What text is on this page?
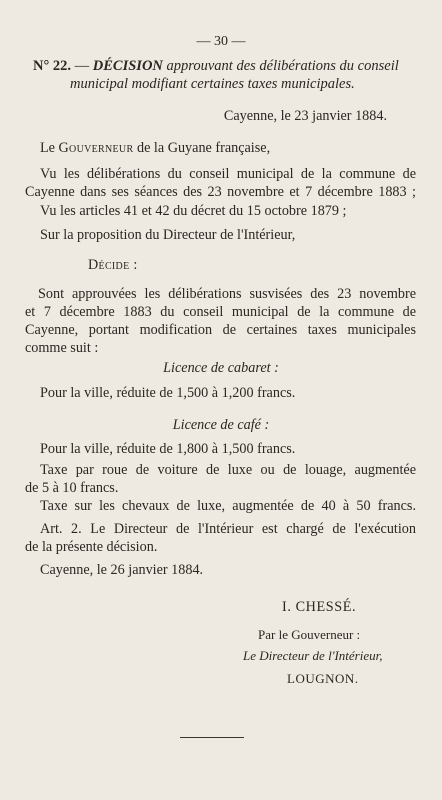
— 30 —
N° 22. — DÉCISION approuvant des délibérations du conseil
municipal modifiant certaines taxes municipales.
Cayenne, le 23 janvier 1884.
Le Gouverneur de la Guyane française,
Vu les délibérations du conseil municipal de la commune de
Cayenne dans ses séances des 23 novembre et 7 décembre 1883 ;
Vu les articles 41 et 42 du décret du 15 octobre 1879 ;
Sur la proposition du Directeur de l'Intérieur,
Décide :
Sont approuvées les délibérations susvisées des 23 novembre
et 7 décembre 1883 du conseil municipal de la commune de
Cayenne, portant modification de certaines taxes municipales
comme suit :
Licence de cabaret :
Pour la ville, réduite de 1,500 à 1,200 francs.
Licence de café :
Pour la ville, réduite de 1,800 à 1,500 francs.
Taxe par roue de voiture de luxe ou de louage, augmentée
de 5 à 10 francs.
Taxe sur les chevaux de luxe, augmentée de 40 à 50 francs.
Art. 2. Le Directeur de l'Intérieur est chargé de l'exécution
de la présente décision.
Cayenne, le 26 janvier 1884.
I. CHESSÉ.
Par le Gouverneur :
Le Directeur de l'Intérieur,
LOUGNON.
